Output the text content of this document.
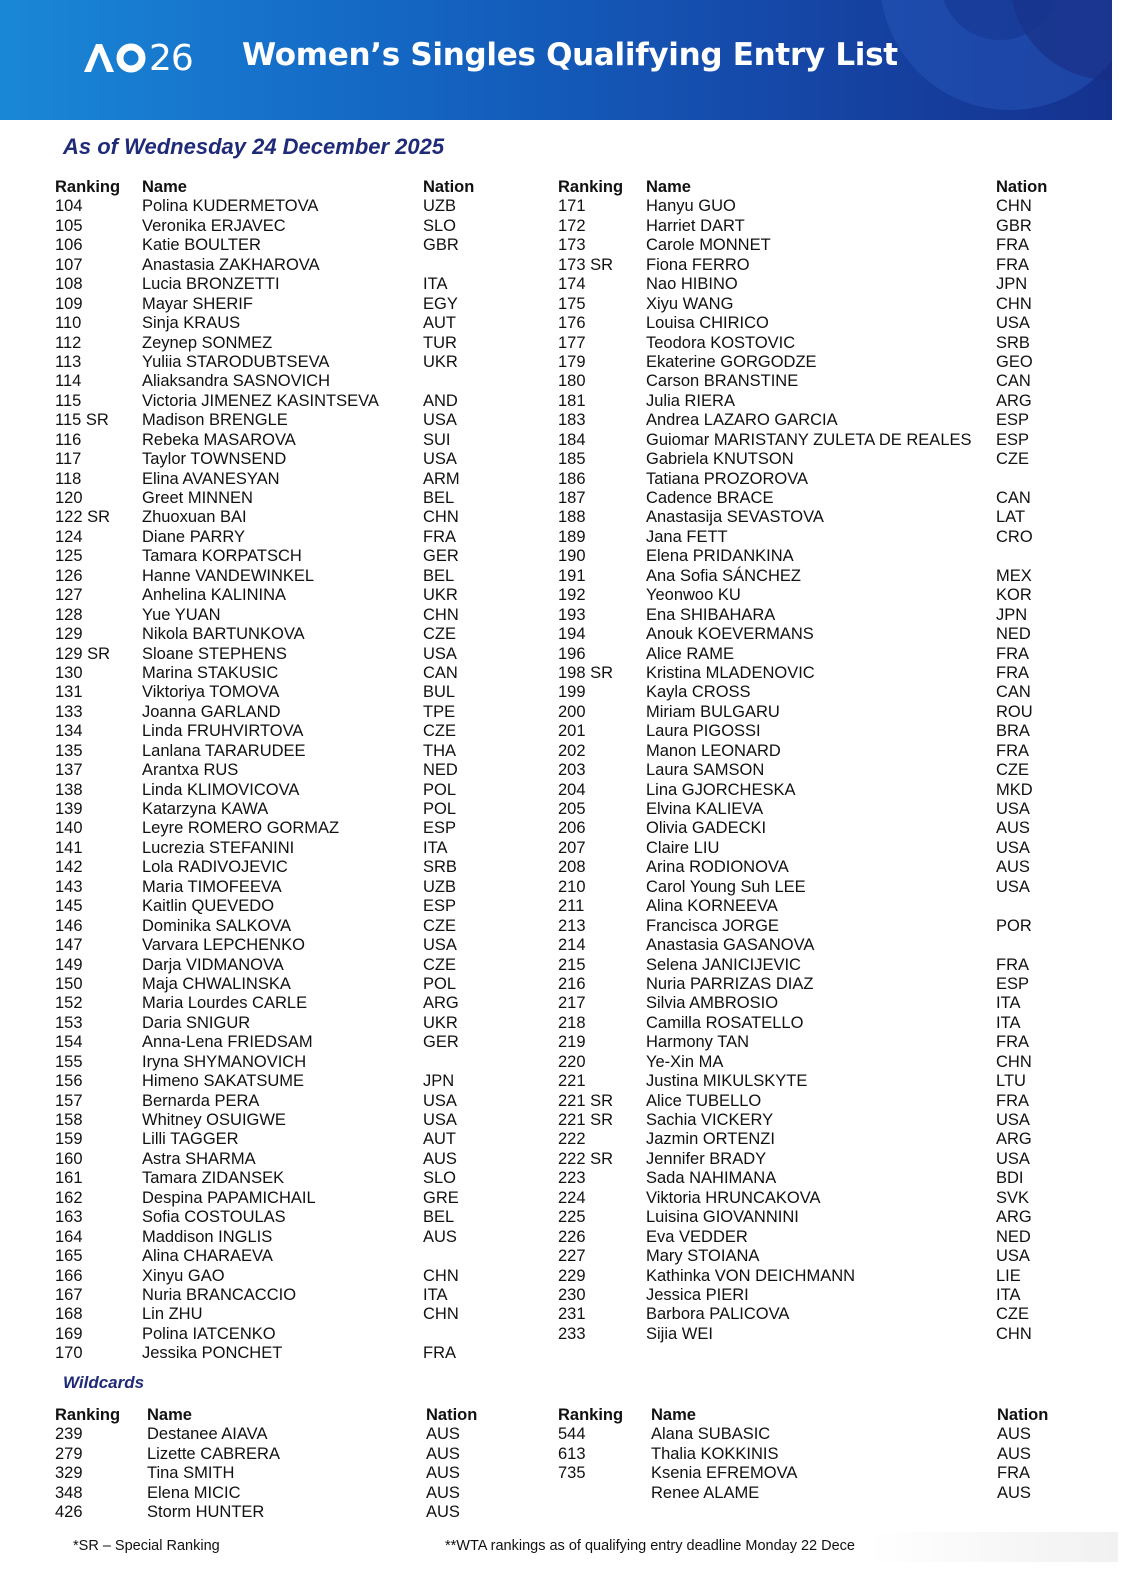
26 Women’s Singles Qualifying Entry List
As of Wednesday 24 December 2025
Ranking	Name	Nation
104	Polina KUDERMETOVA	UZB
105	Veronika ERJAVEC	SLO
106	Katie BOULTER	GBR
107	Anastasia ZAKHAROVA
108	Lucia BRONZETTI	ITA
109	Mayar SHERIF	EGY
110	Sinja KRAUS	AUT
112	Zeynep SONMEZ	TUR
113	Yuliia STARODUBTSEVA	UKR
114	Aliaksandra SASNOVICH
115	Victoria JIMENEZ KASINTSEVA	AND
115 SR	Madison BRENGLE	USA
116	Rebeka MASAROVA	SUI
117	Taylor TOWNSEND	USA
118	Elina AVANESYAN	ARM
120	Greet MINNEN	BEL
122 SR	Zhuoxuan BAI	CHN
124	Diane PARRY	FRA
125	Tamara KORPATSCH	GER
126	Hanne VANDEWINKEL	BEL
127	Anhelina KALININA	UKR
128	Yue YUAN	CHN
129	Nikola BARTUNKOVA	CZE
129 SR	Sloane STEPHENS	USA
130	Marina STAKUSIC	CAN
131	Viktoriya TOMOVA	BUL
133	Joanna GARLAND	TPE
134	Linda FRUHVIRTOVA	CZE
135	Lanlana TARARUDEE	THA
137	Arantxa RUS	NED
138	Linda KLIMOVICOVA	POL
139	Katarzyna KAWA	POL
140	Leyre ROMERO GORMAZ	ESP
141	Lucrezia STEFANINI	ITA
142	Lola RADIVOJEVIC	SRB
143	Maria TIMOFEEVA	UZB
145	Kaitlin QUEVEDO	ESP
146	Dominika SALKOVA	CZE
147	Varvara LEPCHENKO	USA
149	Darja VIDMANOVA	CZE
150	Maja CHWALINSKA	POL
152	Maria Lourdes CARLE	ARG
153	Daria SNIGUR	UKR
154	Anna-Lena FRIEDSAM	GER
155	Iryna SHYMANOVICH
156	Himeno SAKATSUME	JPN
157	Bernarda PERA	USA
158	Whitney OSUIGWE	USA
159	Lilli TAGGER	AUT
160	Astra SHARMA	AUS
161	Tamara ZIDANSEK	SLO
162	Despina PAPAMICHAIL	GRE
163	Sofia COSTOULAS	BEL
164	Maddison INGLIS	AUS
165	Alina CHARAEVA
166	Xinyu GAO	CHN
167	Nuria BRANCACCIO	ITA
168	Lin ZHU	CHN
169	Polina IATCENKO
170	Jessika PONCHET	FRA
Ranking	Name	Nation
171	Hanyu GUO	CHN
172	Harriet DART	GBR
173	Carole MONNET	FRA
173 SR	Fiona FERRO	FRA
174	Nao HIBINO	JPN
175	Xiyu WANG	CHN
176	Louisa CHIRICO	USA
177	Teodora KOSTOVIC	SRB
179	Ekaterine GORGODZE	GEO
180	Carson BRANSTINE	CAN
181	Julia RIERA	ARG
183	Andrea LAZARO GARCIA	ESP
184	Guiomar MARISTANY ZULETA DE REALES ESP
185	Gabriela KNUTSON	CZE
186	Tatiana PROZOROVA
187	Cadence BRACE	CAN
188	Anastasija SEVASTOVA	LAT
189	Jana FETT	CRO
190	Elena PRIDANKINA
191	Ana Sofia SÁNCHEZ	MEX
192	Yeonwoo KU	KOR
193	Ena SHIBAHARA	JPN
194	Anouk KOEVERMANS	NED
196	Alice RAME	FRA
198 SR	Kristina MLADENOVIC	FRA
199	Kayla CROSS	CAN
200	Miriam BULGARU	ROU
201	Laura PIGOSSI	BRA
202	Manon LEONARD	FRA
203	Laura SAMSON	CZE
204	Lina GJORCHESKA	MKD
205	Elvina KALIEVA	USA
206	Olivia GADECKI	AUS
207	Claire LIU	USA
208	Arina RODIONOVA	AUS
210	Carol Young Suh LEE	USA
211	Alina KORNEEVA
213	Francisca JORGE	POR
214	Anastasia GASANOVA
215	Selena JANICIJEVIC	FRA
216	Nuria PARRIZAS DIAZ	ESP
217	Silvia AMBROSIO	ITA
218	Camilla ROSATELLO	ITA
219	Harmony TAN	FRA
220	Ye-Xin MA	CHN
221	Justina MIKULSKYTE	LTU
221 SR	Alice TUBELLO	FRA
221 SR	Sachia VICKERY	USA
222	Jazmin ORTENZI	ARG
222 SR	Jennifer BRADY	USA
223	Sada NAHIMANA	BDI
224	Viktoria HRUNCAKOVA	SVK
225	Luisina GIOVANNINI	ARG
226	Eva VEDDER	NED
227	Mary STOIANA	USA
229	Kathinka VON DEICHMANN	LIE
230	Jessica PIERI	ITA
231	Barbora PALICOVA	CZE
233	Sijia WEI	CHN
Wildcards
Ranking	Name	Nation
239	Destanee AIAVA	AUS
279	Lizette CABRERA	AUS
329	Tina SMITH	AUS
348	Elena MICIC	AUS
426	Storm HUNTER	AUS
Ranking	Name	Nation
544	Alana SUBASIC	AUS
613	Thalia KOKKINIS	AUS
735	Ksenia EFREMOVA	FRA
Renee ALAME	AUS
*SR – Special Ranking	**WTA rankings as of qualifying entry deadline Monday 22 Dece
